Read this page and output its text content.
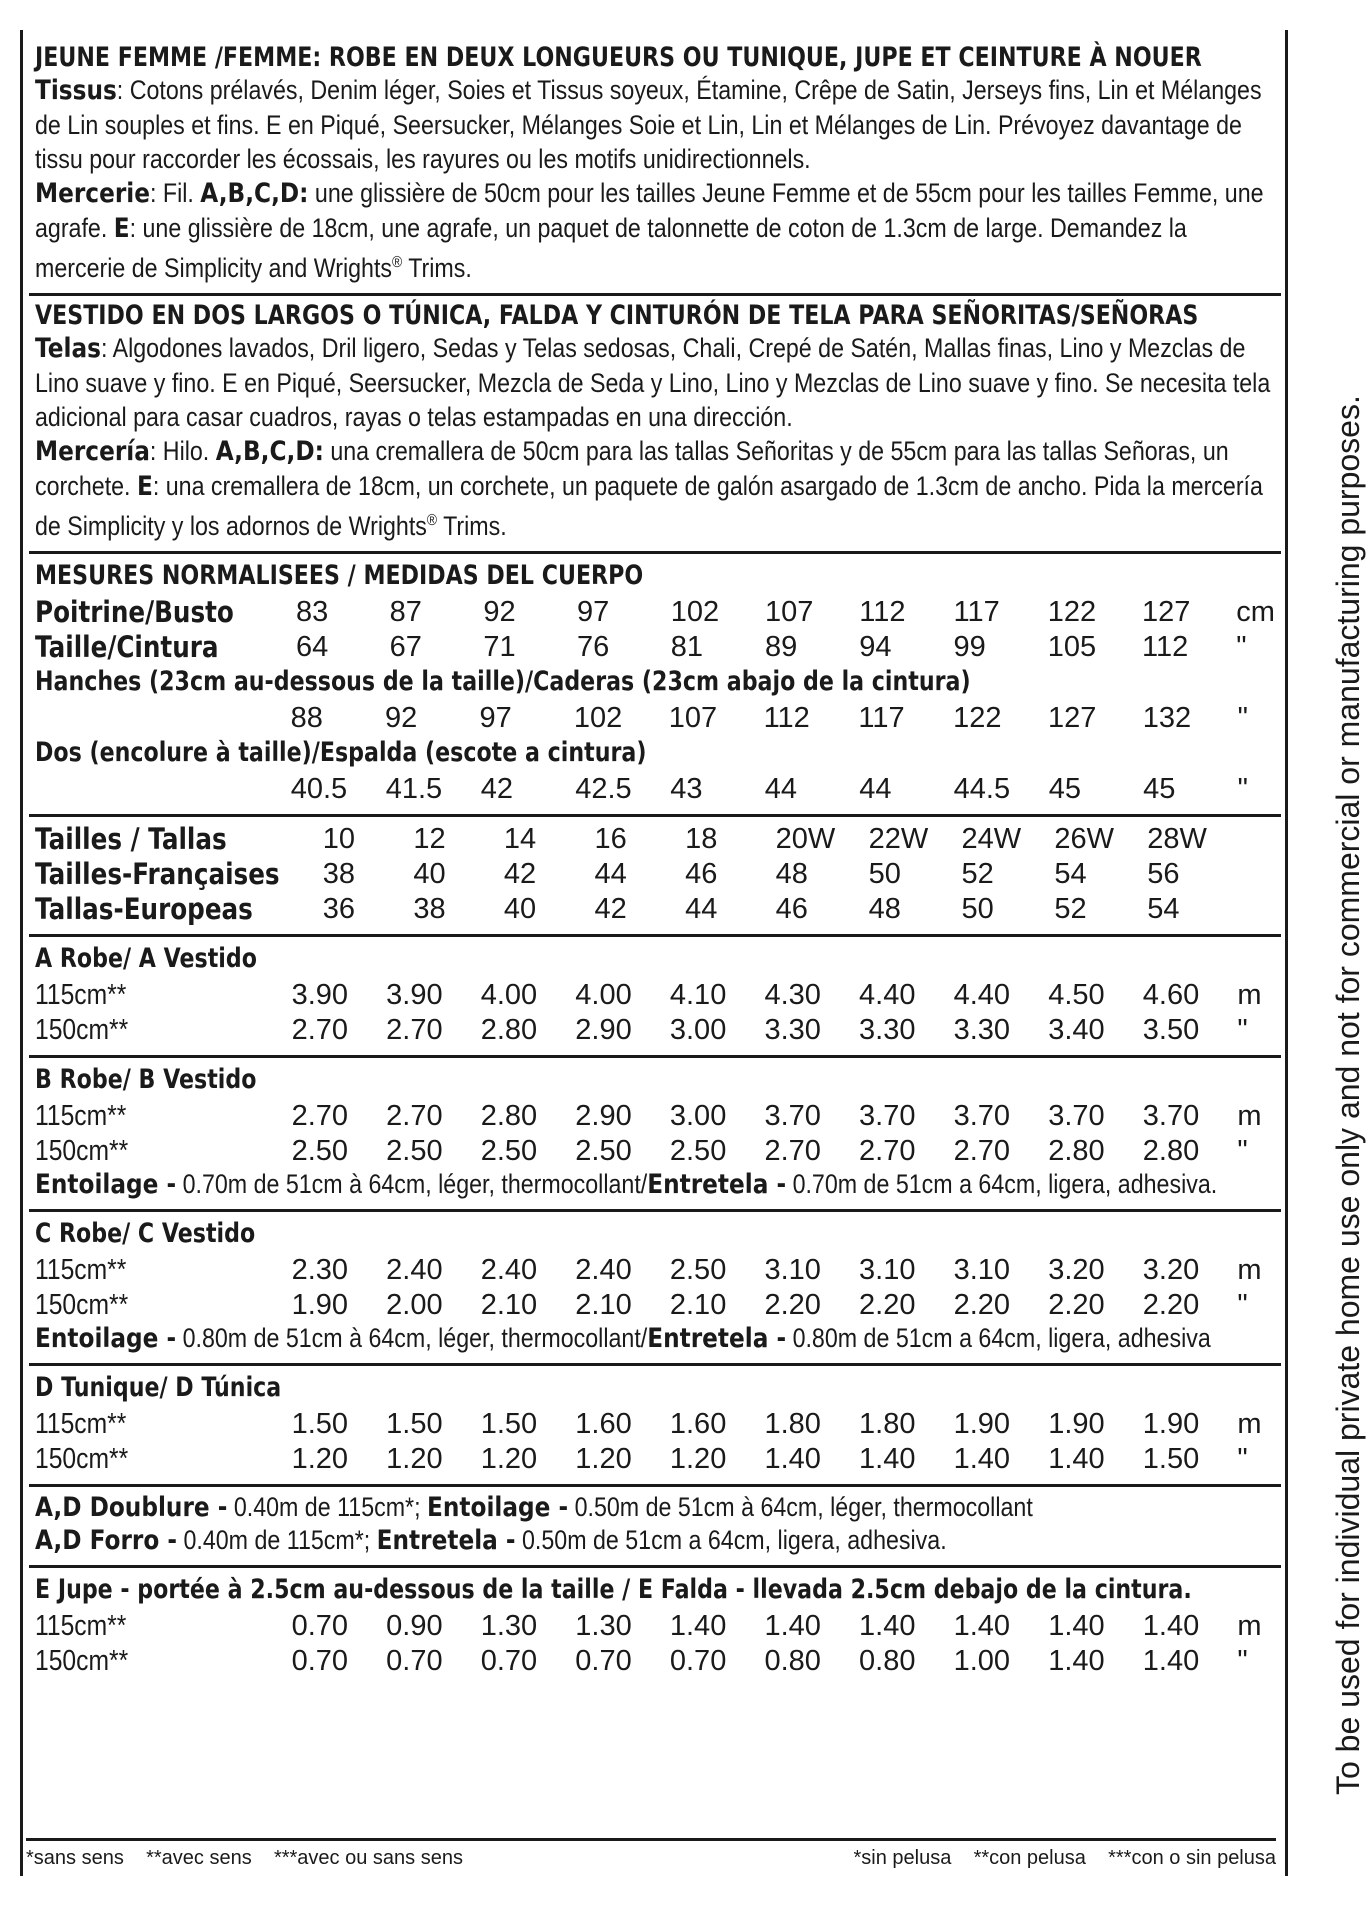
JEUNE FEMME /FEMME: ROBE EN DEUX LONGUEURS OU TUNIQUE, JUPE ET CEINTURE À NOUER
Tissus: Cotons prélavés, Denim léger, Soies et Tissus soyeux, Étamine, Crêpe de Satin, Jerseys fins, Lin et Mélanges de Lin souples et fins. E en Piqué, Seersucker, Mélanges Soie et Lin, Lin et Mélanges de Lin. Prévoyez davantage de tissu pour raccorder les écossais, les rayures ou les motifs unidirectionnels.
Mercerie: Fil. A,B,C,D: une glissière de 50cm pour les tailles Jeune Femme et de 55cm pour les tailles Femme, une agrafe. E: une glissière de 18cm, une agrafe, un paquet de talonnette de coton de 1.3cm de large. Demandez la mercerie de Simplicity and Wrights® Trims.
VESTIDO EN DOS LARGOS O TÚNICA, FALDA Y CINTURÓN DE TELA PARA SEÑORITAS/SEÑORAS
Telas: Algodones lavados, Dril ligero, Sedas y Telas sedosas, Chali, Crepé de Satén, Mallas finas, Lino y Mezclas de Lino suave y fino. E en Piqué, Seersucker, Mezcla de Seda y Lino, Lino y Mezclas de Lino suave y fino. Se necesita tela adicional para casar cuadros, rayas o telas estampadas en una dirección.
Mercería: Hilo. A,B,C,D: una cremallera de 50cm para las tallas Señoritas y de 55cm para las tallas Señoras, un corchete. E: una cremallera de 18cm, un corchete, un paquete de galón asargado de 1.3cm de ancho. Pida la mercería de Simplicity y los adornos de Wrights® Trims.
MESURES NORMALISEES / MEDIDAS DEL CUERPO
Poitrine/Busto	83	87	92	97	102	107	112	117	122	127	cm
Taille/Cintura	64	67	71	76	81	89	94	99	105	112	"
Hanches (23cm au-dessous de la taille)/Caderas (23cm abajo de la cintura)
	88	92	97	102	107	112	117	122	127	132	"
Dos (encolure à taille)/Espalda (escote a cintura)
	40.5	41.5	42	42.5	43	44	44	44.5	45	45	"
Tailles / Tallas	10	12	14	16	18	20W	22W	24W	26W	28W	
Tailles-Françaises	38	40	42	44	46	48	50	52	54	56	
Tallas-Europeas	36	38	40	42	44	46	48	50	52	54	
A Robe/ A Vestido
115cm**	3.90	3.90	4.00	4.00	4.10	4.30	4.40	4.40	4.50	4.60	m
150cm**	2.70	2.70	2.80	2.90	3.00	3.30	3.30	3.30	3.40	3.50	"
B Robe/ B Vestido
115cm**	2.70	2.70	2.80	2.90	3.00	3.70	3.70	3.70	3.70	3.70	m
150cm**	2.50	2.50	2.50	2.50	2.50	2.70	2.70	2.70	2.80	2.80	"
Entoilage - 0.70m de 51cm à 64cm, léger, thermocollant/Entretela - 0.70m de 51cm a 64cm, ligera, adhesiva.
C Robe/ C Vestido
115cm**	2.30	2.40	2.40	2.40	2.50	3.10	3.10	3.10	3.20	3.20	m
150cm**	1.90	2.00	2.10	2.10	2.10	2.20	2.20	2.20	2.20	2.20	"
Entoilage - 0.80m de 51cm à 64cm, léger, thermocollant/Entretela - 0.80m de 51cm a 64cm, ligera, adhesiva
D Tunique/ D Túnica
115cm**	1.50	1.50	1.50	1.60	1.60	1.80	1.80	1.90	1.90	1.90	m
150cm**	1.20	1.20	1.20	1.20	1.20	1.40	1.40	1.40	1.40	1.50	"
A,D Doublure - 0.40m de 115cm*; Entoilage - 0.50m de 51cm à 64cm, léger, thermocollant
A,D Forro - 0.40m de 115cm*; Entretela - 0.50m de 51cm a 64cm, ligera, adhesiva.
E Jupe - portée à 2.5cm au-dessous de la taille / E Falda - llevada 2.5cm debajo de la cintura.
115cm**	0.70	0.90	1.30	1.30	1.40	1.40	1.40	1.40	1.40	1.40	m
150cm**	0.70	0.70	0.70	0.70	0.70	0.80	0.80	1.00	1.40	1.40	"
*sans sens **avec sens ***avec ou sans sens	*sin pelusa **con pelusa ***con o sin pelusa
To be used for individual private home use only and not for commercial or manufacturing purposes.
